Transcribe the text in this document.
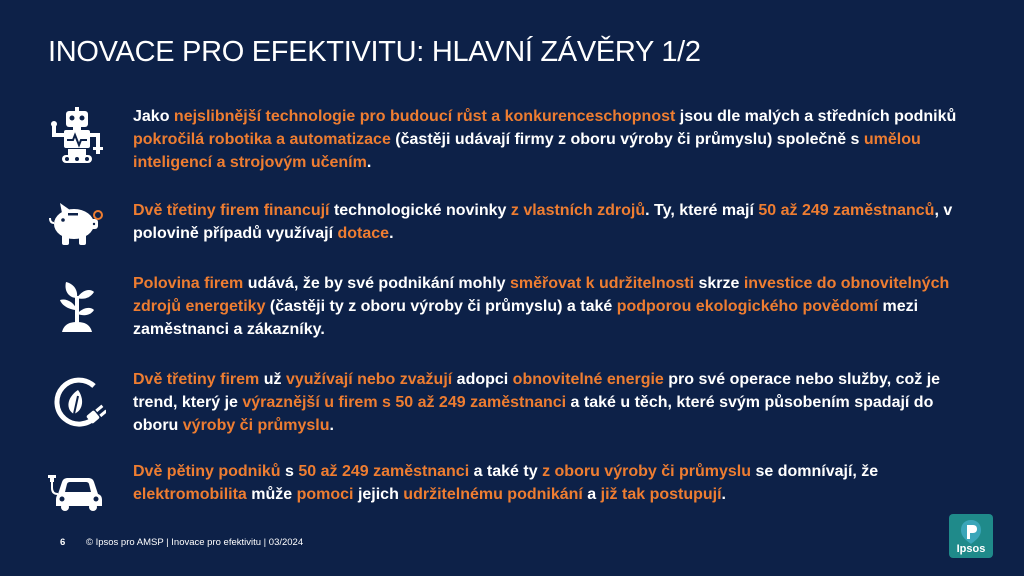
INOVACE PRO EFEKTIVITU: HLAVNÍ ZÁVĚRY 1/2
Jako nejslibnější technologie pro budoucí růst a konkurenceschopnost jsou dle malých a středních podniků pokročilá robotika a automatizace (častěji udávají firmy z oboru výroby či průmyslu) společně s umělou inteligencí a strojovým učením.
Dvě třetiny firem financují technologické novinky z vlastních zdrojů. Ty, které mají 50 až 249 zaměstnanců, v polovině případů využívají dotace.
Polovina firem udává, že by své podnikání mohly směřovat k udržitelnosti skrze investice do obnovitelných zdrojů energetiky (častěji ty z oboru výroby či průmyslu) a také podporou ekologického povědomí mezi zaměstnanci a zákazníky.
Dvě třetiny firem už využívají nebo zvažují adopci obnovitelné energie pro své operace nebo služby, což je trend, který je výraznější u firem s 50 až 249 zaměstnanci a také u těch, které svým působením spadají do oboru výroby či průmyslu.
Dvě pětiny podniků s 50 až 249 zaměstnanci a také ty z oboru výroby či průmyslu se domnívají, že elektromobilita může pomoci jejich udržitelnému podnikání a již tak postupují.
6 © Ipsos pro AMSP | Inovace pro efektivitu | 03/2024
Ipsos
